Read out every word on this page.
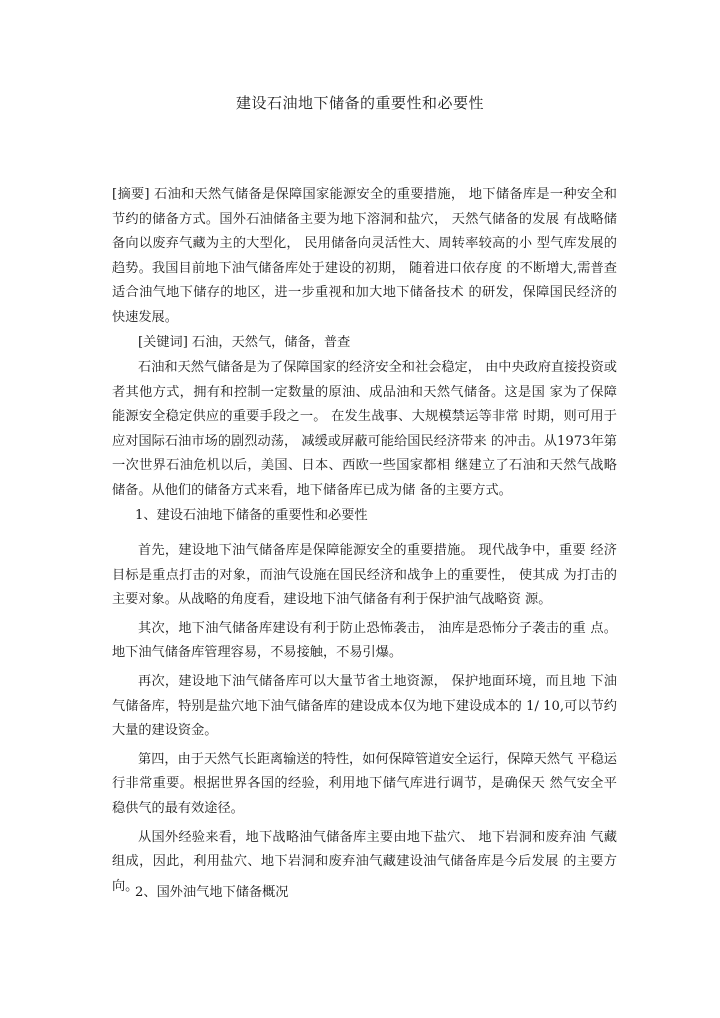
建设石油地下储备的重要性和必要性

[摘要] 石油和天然气储备是保障国家能源安全的重要措施， 地下储备库是一种安全和节约的储备方式。国外石油储备主要为地下溶洞和盐穴， 天然气储备的发展 有战略储备向以废弃气藏为主的大型化， 民用储备向灵活性大、周转率较高的小 型气库发展的趋势。我国目前地下油气储备库处于建设的初期， 随着进口依存度 的不断增大,需普查适合油气地下储存的地区，进一步重视和加大地下储备技术 的研发，保障国民经济的快速发展。

[关键词] 石油，天然气，储备，普查

石油和天然气储备是为了保障国家的经济安全和社会稳定， 由中央政府直接投资或者其他方式，拥有和控制一定数量的原油、成品油和天然气储备。这是国 家为了保障能源安全稳定供应的重要手段之一。 在发生战事、大规模禁运等非常 时期，则可用于应对国际石油市场的剧烈动荡， 减缓或屏蔽可能给国民经济带来 的冲击。从1973年第一次世界石油危机以后，美国、日本、西欧一些国家都相 继建立了石油和天然气战略储备。从他们的储备方式来看，地下储备库已成为储 备的主要方式。

1、建设石油地下储备的重要性和必要性

首先，建设地下油气储备库是保障能源安全的重要措施。 现代战争中，重要 经济目标是重点打击的对象，而油气设施在国民经济和战争上的重要性， 使其成 为打击的主要对象。从战略的角度看，建设地下油气储备有利于保护油气战略资 源。

其次，地下油气储备库建设有利于防止恐怖袭击， 油库是恐怖分子袭击的重 点。地下油气储备库管理容易，不易接触，不易引爆。

再次，建设地下油气储备库可以大量节省土地资源， 保护地面环境，而且地 下油气储备库，特别是盐穴地下油气储备库的建设成本仅为地下建设成本的 1/ 10,可以节约大量的建设资金。

第四，由于天然气长距离输送的特性，如何保障管道安全运行，保障天然气 平稳运行非常重要。根据世界各国的经验，利用地下储气库进行调节，是确保天 然气安全平稳供气的最有效途径。

从国外经验来看，地下战略油气储备库主要由地下盐穴、 地下岩洞和废弃油 气藏组成，因此，利用盐穴、地下岩洞和废弃油气藏建设油气储备库是今后发展 的主要方向。

2、国外油气地下储备概况
